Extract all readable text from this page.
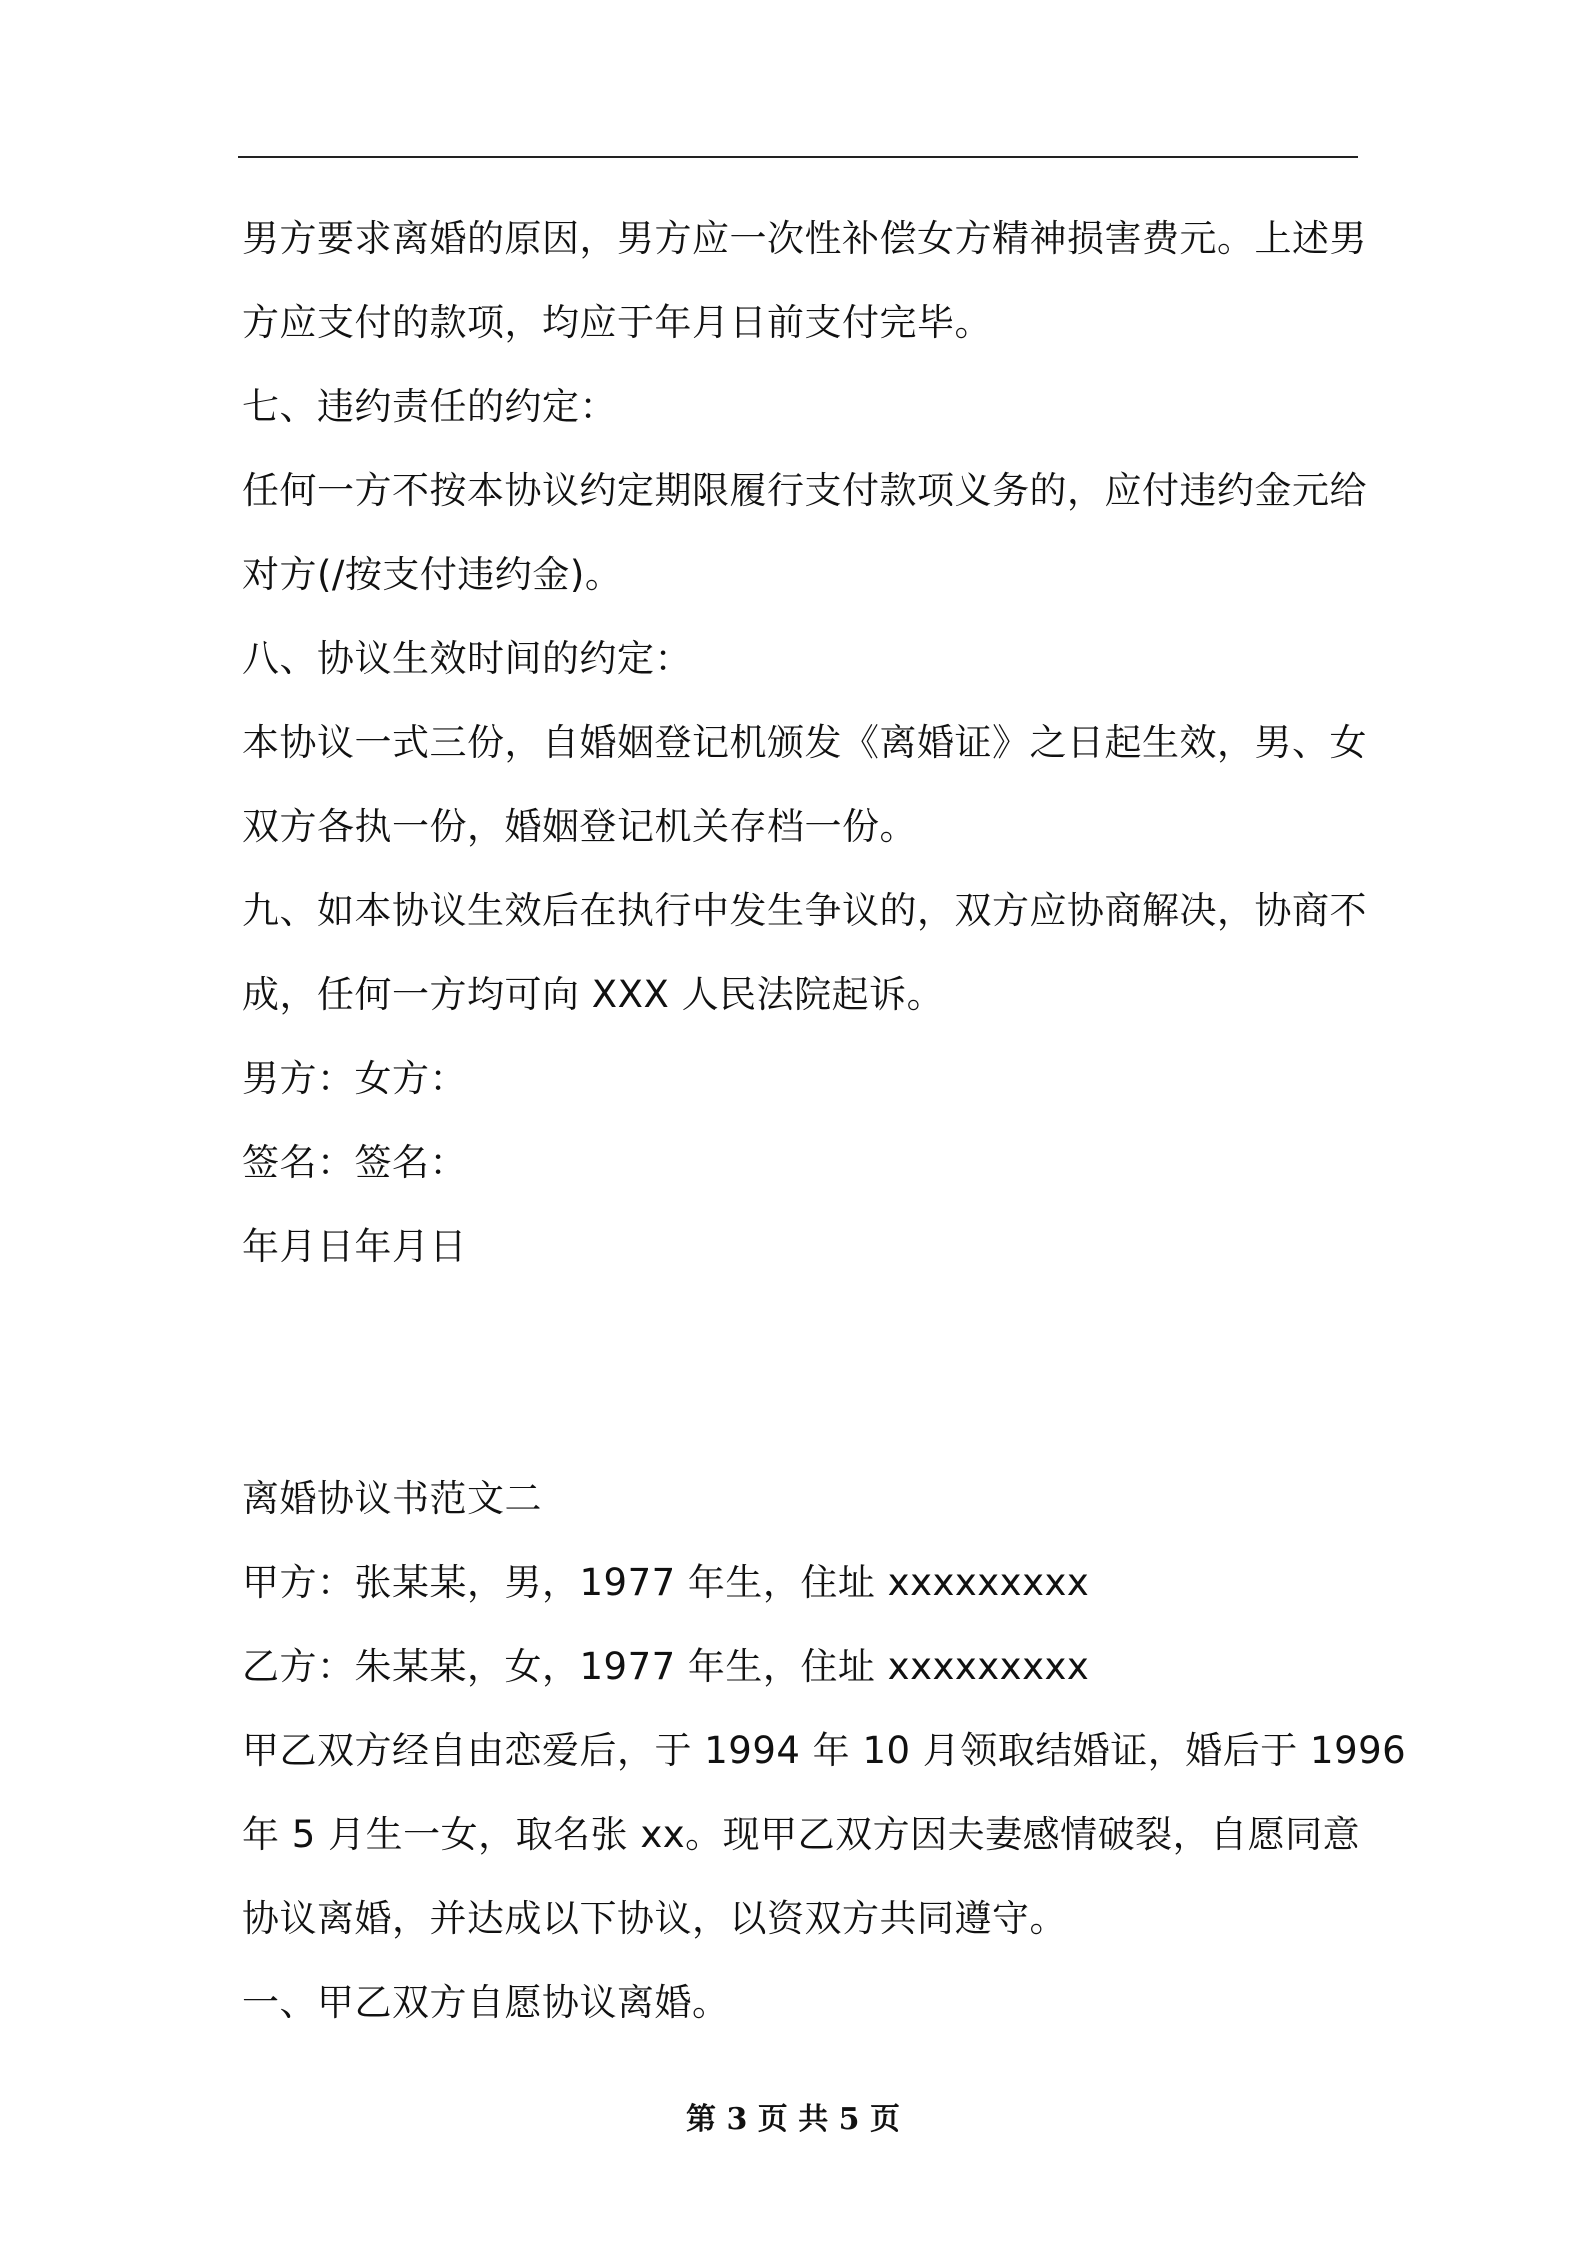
男方要求离婚的原因，男方应一次性补偿女方精神损害费元。上述男
方应支付的款项，均应于年月日前支付完毕。
七、违约责任的约定：
任何一方不按本协议约定期限履行支付款项义务的，应付违约金元给
对方(/按支付违约金)。
八、协议生效时间的约定：
本协议一式三份，自婚姻登记机颁发《离婚证》之日起生效，男、女
双方各执一份，婚姻登记机关存档一份。
九、如本协议生效后在执行中发生争议的，双方应协商解决，协商不
成，任何一方均可向 XXX 人民法院起诉。
男方：女方：
签名：签名：
年月日年月日
离婚协议书范文二
甲方：张某某，男，1977 年生，住址 xxxxxxxxx
乙方：朱某某，女，1977 年生，住址 xxxxxxxxx
甲乙双方经自由恋爱后，于 1994 年 10 月领取结婚证，婚后于 1996
年 5 月生一女，取名张 xx。现甲乙双方因夫妻感情破裂，自愿同意
协议离婚，并达成以下协议，以资双方共同遵守。
一、甲乙双方自愿协议离婚。
第 3 页 共 5 页
